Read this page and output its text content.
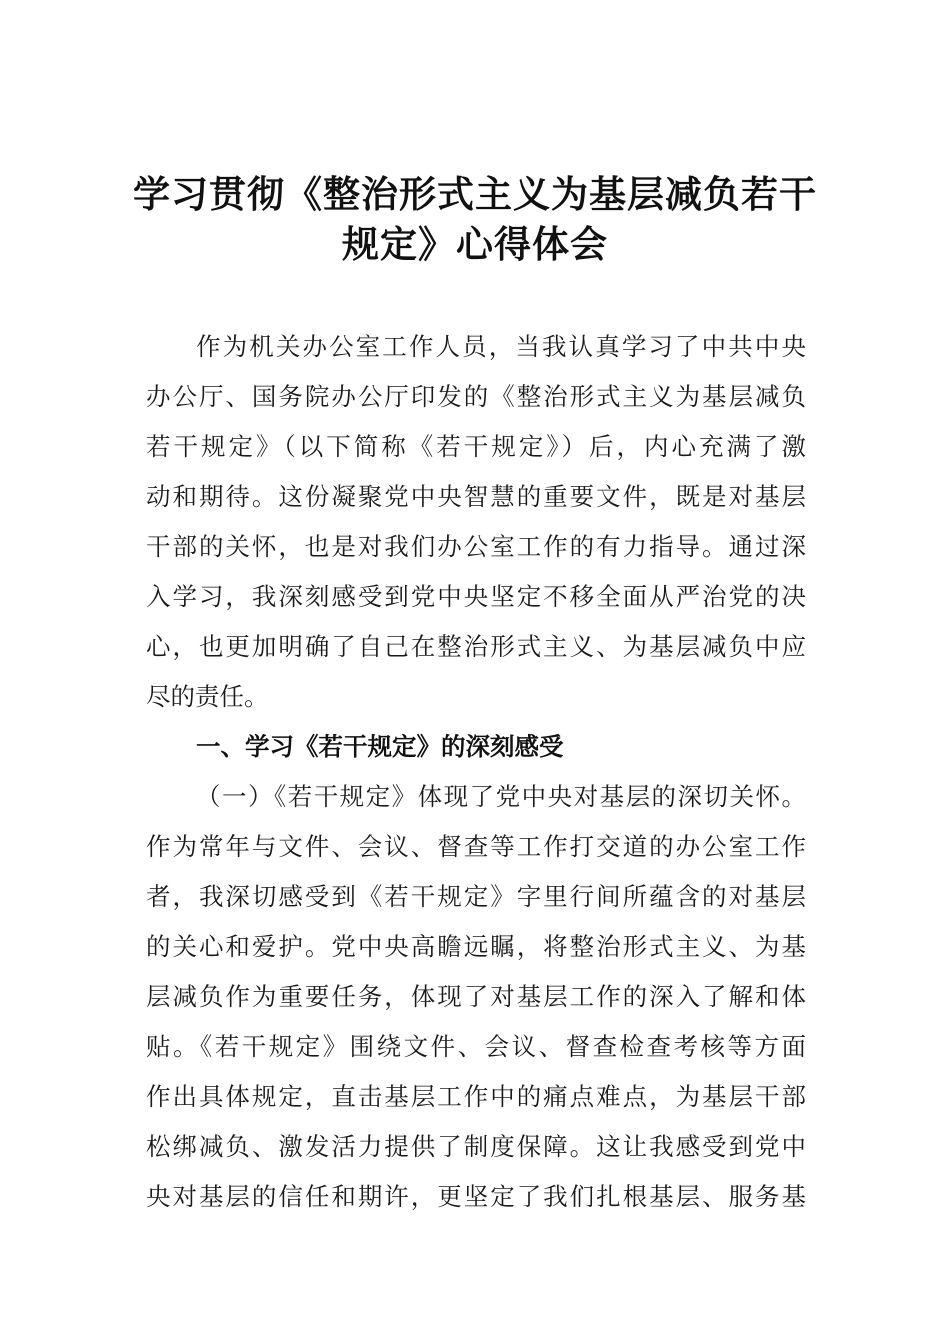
学习贯彻《整治形式主义为基层减负若干
规定》心得体会
作为机关办公室工作人员，当我认真学习了中共中央
办公厅、国务院办公厅印发的《整治形式主义为基层减负
若干规定》（以下简称《若干规定》）后，内心充满了激
动和期待。这份凝聚党中央智慧的重要文件，既是对基层
干部的关怀，也是对我们办公室工作的有力指导。通过深
入学习，我深刻感受到党中央坚定不移全面从严治党的决
心，也更加明确了自己在整治形式主义、为基层减负中应
尽的责任。
一、学习《若干规定》的深刻感受
（一）《若干规定》体现了党中央对基层的深切关怀。
作为常年与文件、会议、督查等工作打交道的办公室工作
者，我深切感受到《若干规定》字里行间所蕴含的对基层
的关心和爱护。党中央高瞻远瞩，将整治形式主义、为基
层减负作为重要任务，体现了对基层工作的深入了解和体
贴。《若干规定》围绕文件、会议、督查检查考核等方面
作出具体规定，直击基层工作中的痛点难点，为基层干部
松绑减负、激发活力提供了制度保障。这让我感受到党中
央对基层的信任和期许，更坚定了我们扎根基层、服务基
